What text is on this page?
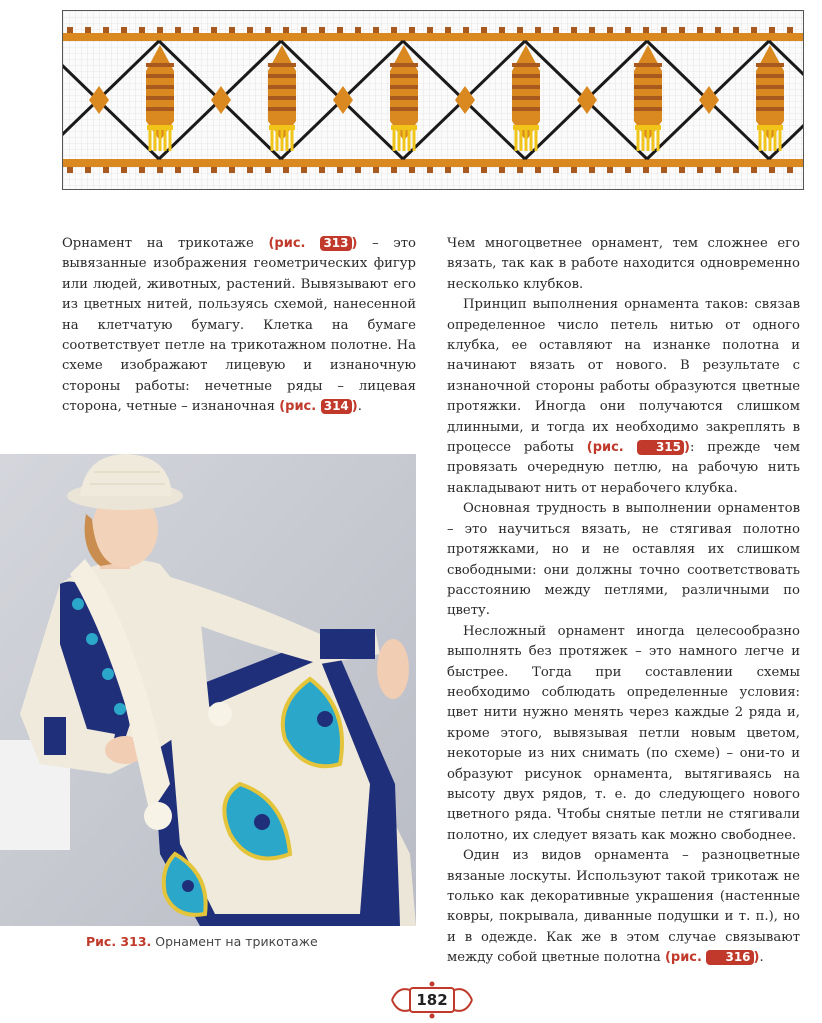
Орнамент на трикотаже (рис. 313 ) – это вывязанные изображения геометрических фигур или людей, животных, растений. Вывязывают его из цветных нитей, пользуясь схемой, нанесенной на клетчатую бумагу. Клетка на бумаге соответствует петле на трикотажном полотне. На схеме изображают лицевую и изнаночную стороны работы: нечетные ряды – лицевая сторона, четные – изнаночная (рис. 314 ).

Чем многоцветнее орнамент, тем сложнее его вязать, так как в работе находится одновременно несколько клубков.

Принцип выполнения орнамента таков: связав определенное число петель нитью от одного клубка, ее оставляют на изнанке полотна и начинают вязать от нового. В результате с изнаночной стороны работы образуются цветные протяжки. Иногда они получаются слишком длинными, и тогда их необходимо закреплять в процессе работы (рис.	315 ): прежде чем провязать очередную петлю, на рабочую нить накладывают нить от нерабочего клубка.

Основная трудность в выполнении орнаментов – это научиться вязать, не стягивая полотно протяжками, но и не оставляя их слишком свободными: они должны точно соответствовать расстоянию между петлями, различными по цвету.

Несложный орнамент иногда целесообразно выполнять без протяжек – это намного легче и быстрее. Тогда при составлении схемы необходимо соблюдать определенные условия: цвет нити нужно менять через каждые 2 ряда и, кроме этого, вывязывая петли новым цветом, некоторые из них снимать (по схеме) – они-то и образуют рисунок орнамента, вытягиваясь на высоту двух рядов, т. е. до следующего нового цветного ряда. Чтобы снятые петли не стягивали полотно, их следует вязать как можно свободнее.

Один из видов орнамента – разноцветные вязаные лоскуты. Используют такой трикотаж не только как декоративные украшения (настенные ковры, покрывала, диванные подушки и т. п.), но и в одежде. Как же в этом случае связывают между собой цветные полотна (рис. 316 ).

Рис. 313. Орнамент на трикотаже
182
